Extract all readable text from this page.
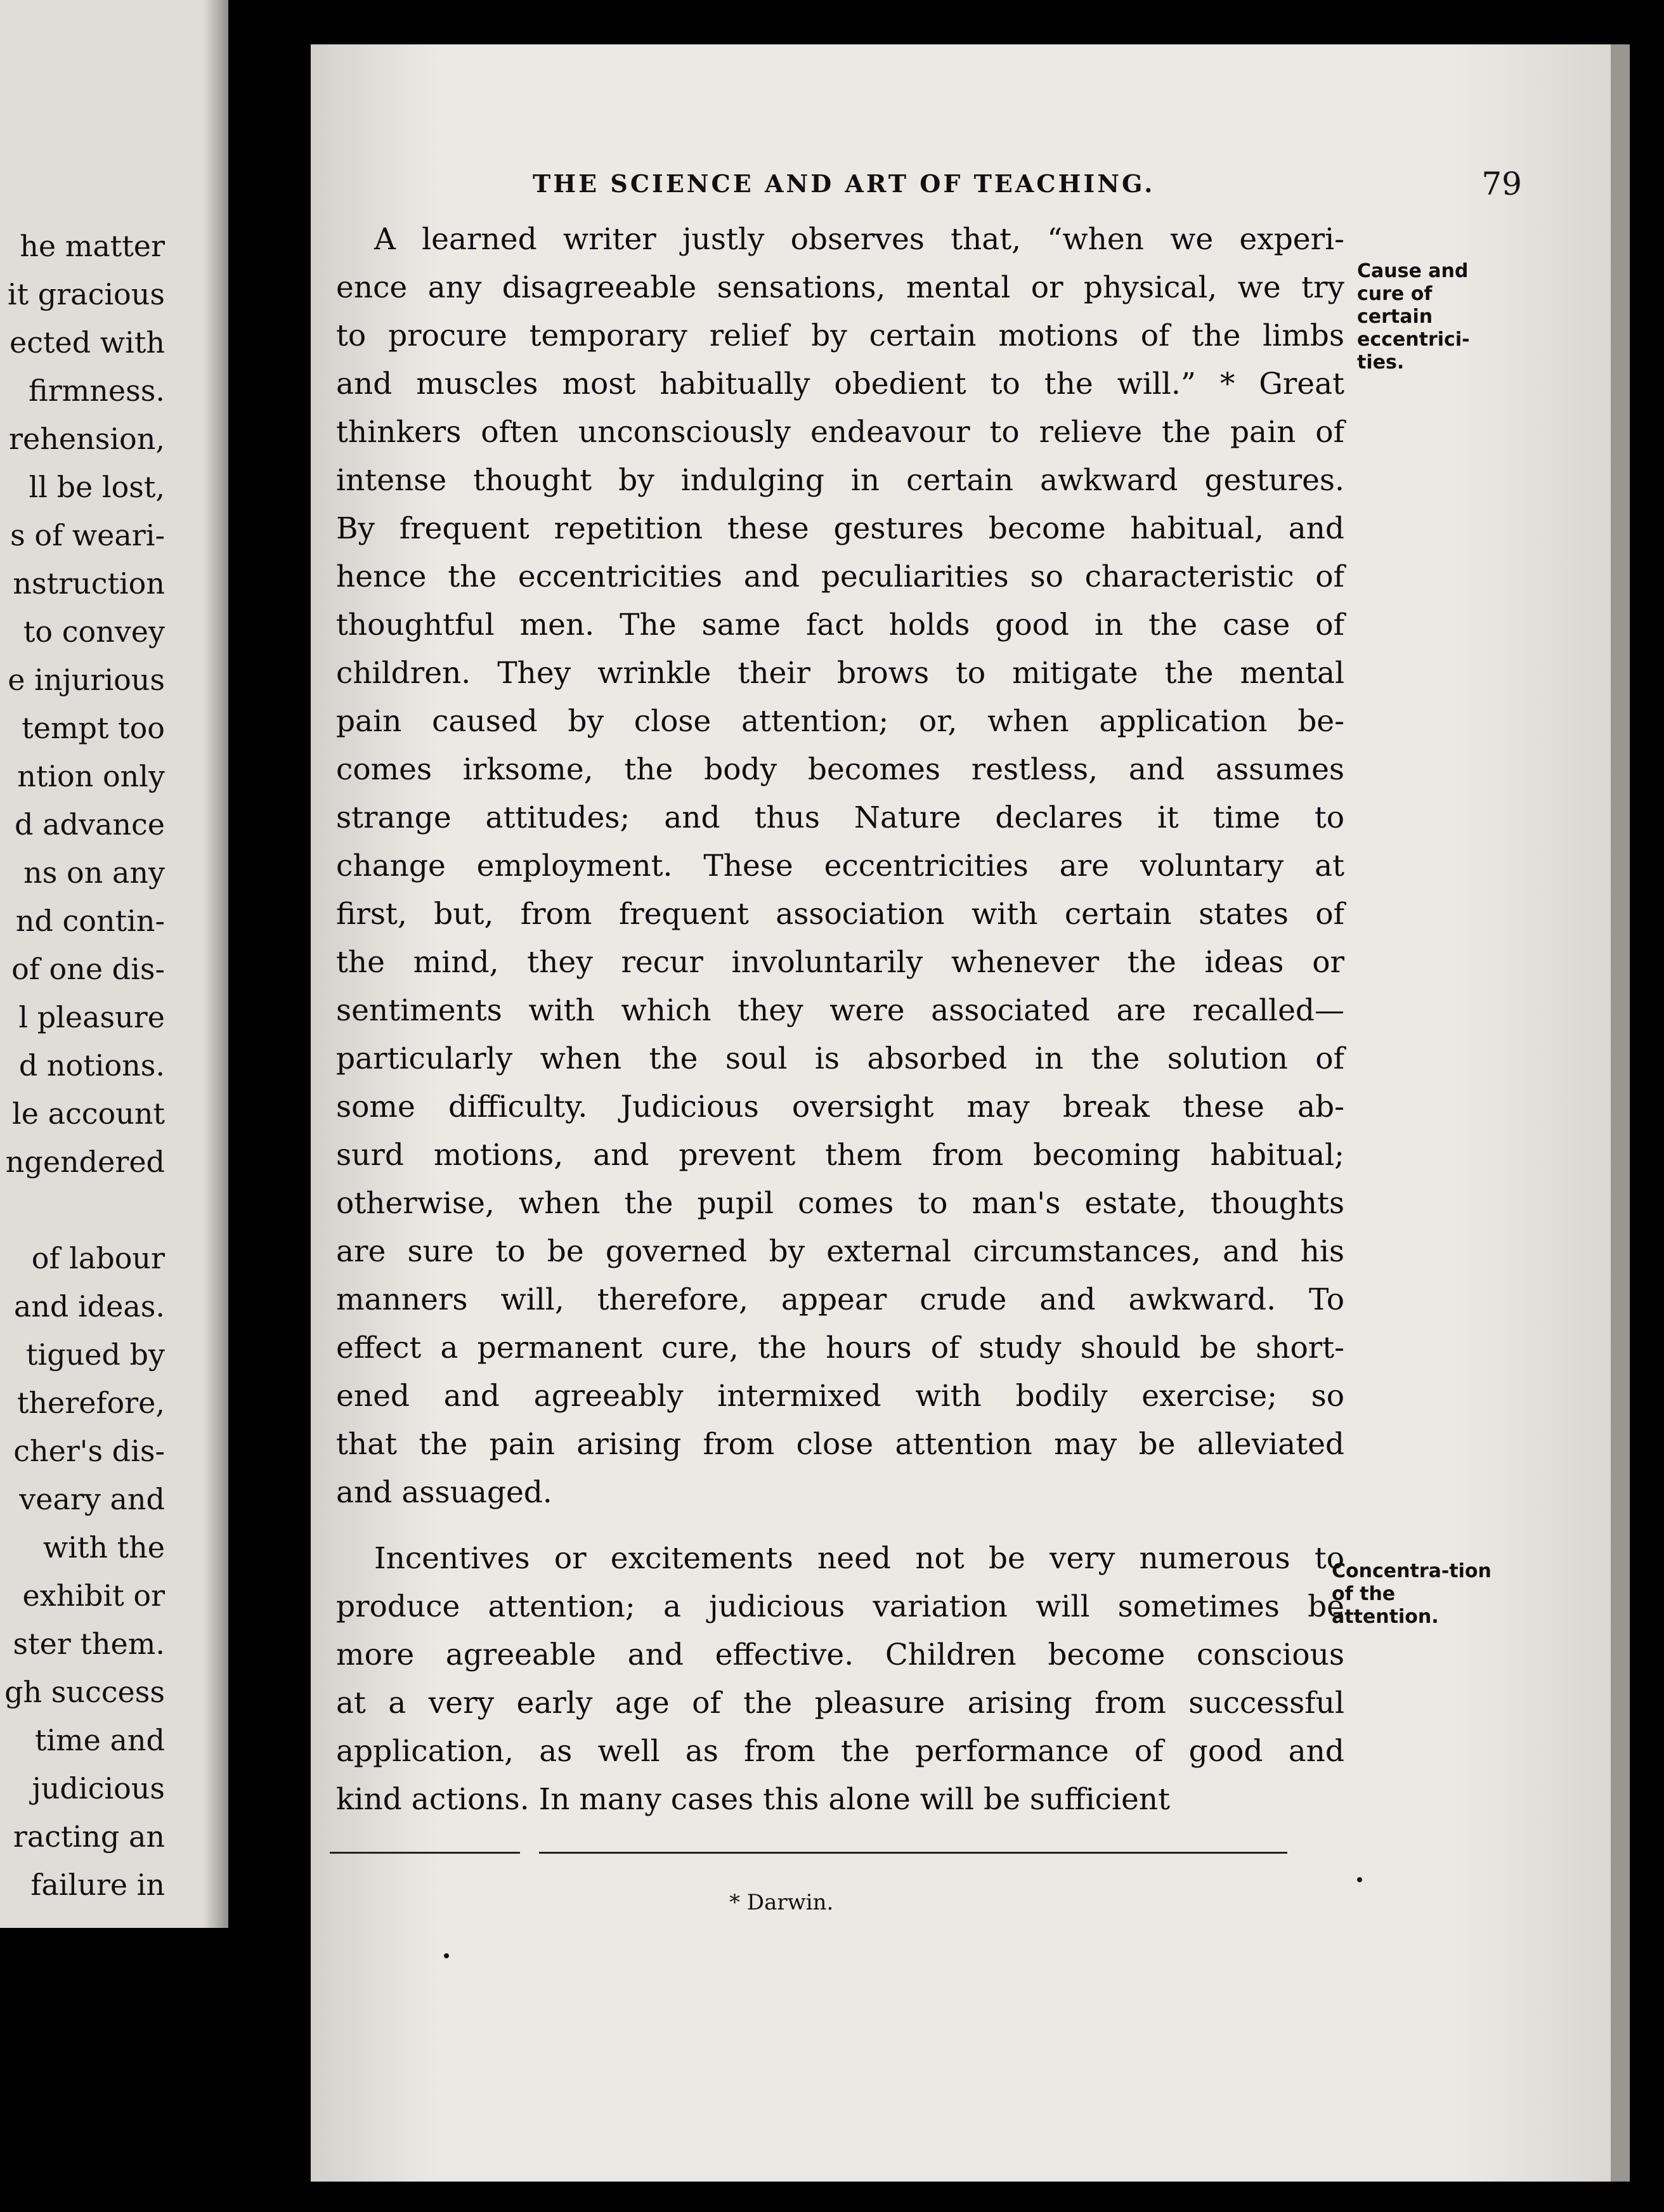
he matter
it gracious
ected with
firmness.
rehension,
ll be lost,
s of weari-
nstruction
to convey
e injurious
tempt too
ntion only
d advance
ns on any
nd contin-
of one dis-
l pleasure
d notions.
le account
ngendered
of labour
and ideas.
tigued by
therefore,
cher's dis-
veary and
with the
exhibit or
ster them.
gh success
time and
judicious
racting an
failure in
THE SCIENCE AND ART OF TEACHING.	79
A learned writer justly observes that, “when we experi-
ence any disagreeable sensations, mental or physical, we try
to procure temporary relief by certain motions of the limbs
and muscles most habitually obedient to the will.” * Great
thinkers often unconsciously endeavour to relieve the pain of
intense thought by indulging in certain awkward gestures.
By frequent repetition these gestures become habitual, and
hence the eccentricities and peculiarities so characteristic of
thoughtful men. The same fact holds good in the case of
children. They wrinkle their brows to mitigate the mental
pain caused by close attention; or, when application be-
comes irksome, the body becomes restless, and assumes
strange attitudes; and thus Nature declares it time to
change employment. These eccentricities are voluntary at
first, but, from frequent association with certain states of
the mind, they recur involuntarily whenever the ideas or
sentiments with which they were associated are recalled—
particularly when the soul is absorbed in the solution of
some difficulty. Judicious oversight may break these ab-
surd motions, and prevent them from becoming habitual;
otherwise, when the pupil comes to man's estate, thoughts
are sure to be governed by external circumstances, and his
manners will, therefore, appear crude and awkward. To
effect a permanent cure, the hours of study should be short-
ened and agreeably intermixed with bodily exercise; so
that the pain arising from close attention may be alleviated
and assuaged.
Incentives or excitements need not be very numerous to
produce attention; a judicious variation will sometimes be
more agreeable and effective. Children become conscious
at a very early age of the pleasure arising from successful
application, as well as from the performance of good and
kind actions. In many cases this alone will be sufficient
Cause and cure of certain eccentrici-ties.
Concentra-tion of the attention.
* Darwin.
